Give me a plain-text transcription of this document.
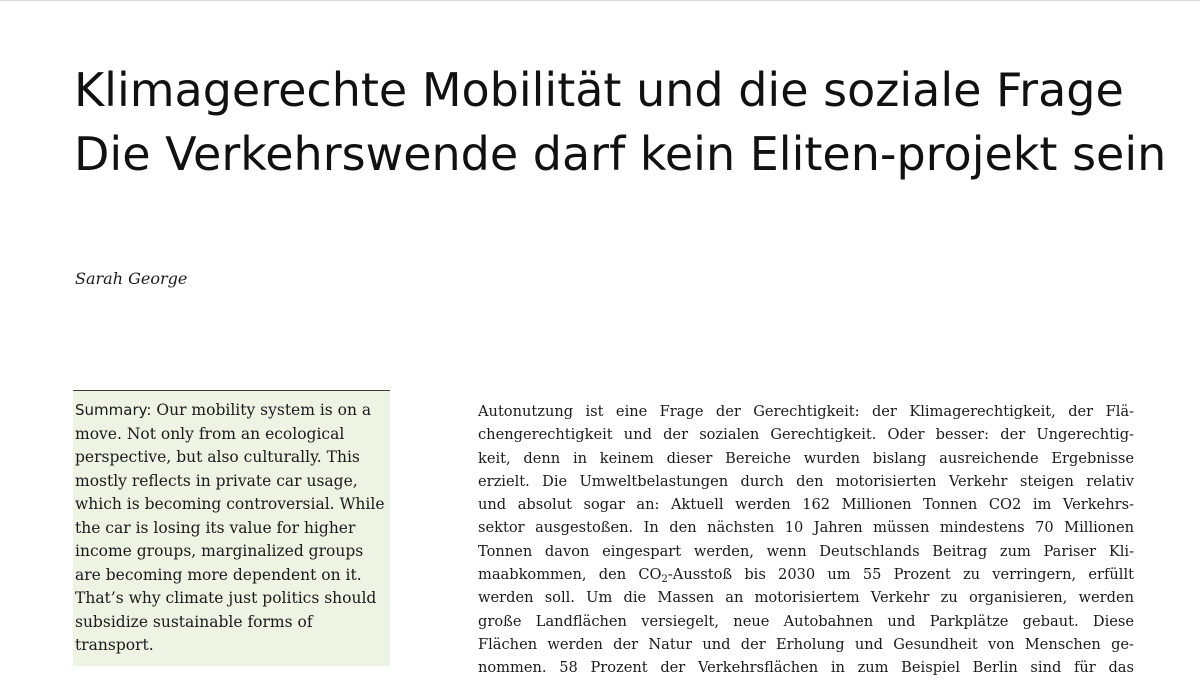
Klimagerechte Mobilität und die soziale Frage Die Verkehrswende darf kein Eliten-projekt sein
Sarah George
Summary: Our mobility system is on a move. Not only from an ecological perspective, but also culturally. This mostly reflects in private car usage, which is becoming controversial. While the car is losing its value for higher income groups, marginalized groups are becoming more dependent on it. That’s why climate just politics should subsidize sustainable forms of transport.
Autonutzung ist eine Frage der Gerechtigkeit: der Klimagerechtigkeit, der Flä-
chengerechtigkeit und der sozialen Gerechtigkeit. Oder besser: der Ungerechtig-
keit, denn in keinem dieser Bereiche wurden bislang ausreichende Ergebnisse
erzielt. Die Umweltbelastungen durch den motorisierten Verkehr steigen relativ
und absolut sogar an: Aktuell werden 162 Millionen Tonnen CO2 im Verkehrs-
sektor ausgestoßen. In den nächsten 10 Jahren müssen mindestens 70 Millionen
Tonnen davon eingespart werden, wenn Deutschlands Beitrag zum Pariser Kli-
maabkommen, den $CO_2$-Ausstoß bis 2030 um 55 Prozent zu verringern, erfüllt
werden soll. Um die Massen an motorisiertem Verkehr zu organisieren, werden
große Landflächen versiegelt, neue Autobahnen und Parkplätze gebaut. Diese
Flächen werden der Natur und der Erholung und Gesundheit von Menschen ge-
nommen. 58 Prozent der Verkehrsflächen in zum Beispiel Berlin sind für das
